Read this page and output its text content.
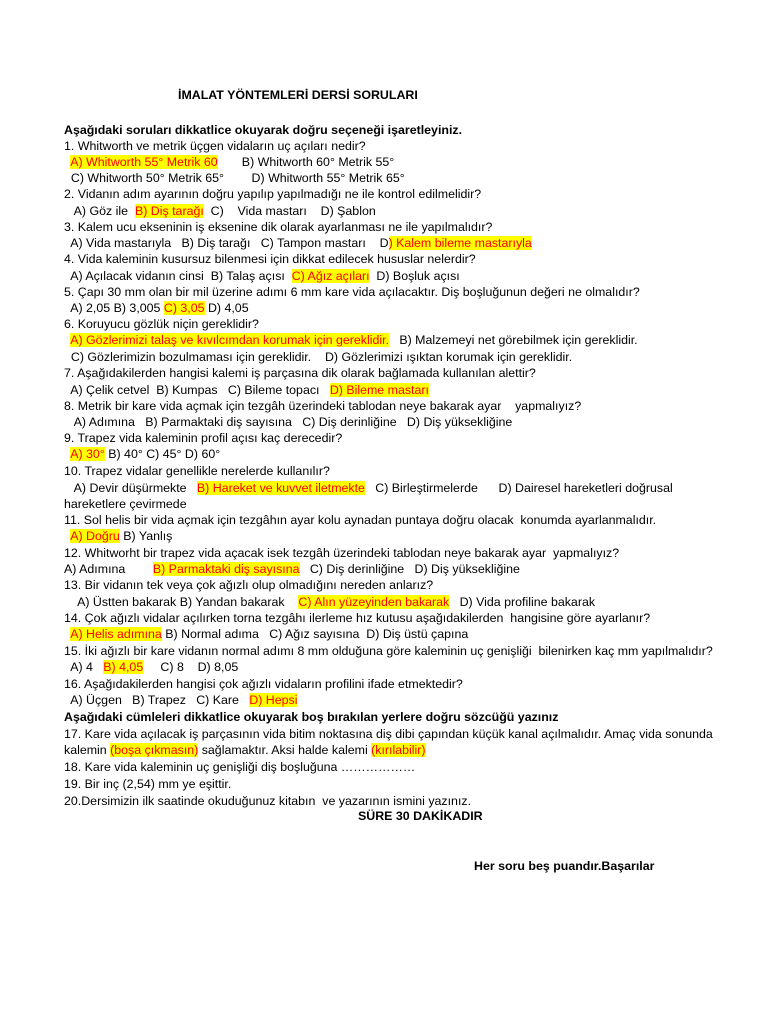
İMALAT YÖNTEMLERİ DERSİ SORULARI
Aşağıdaki soruları dikkatlice okuyarak doğru seçeneği işaretleyiniz.
1. Whitworth ve metrik üçgen vidaların uç açıları nedir?
A) Whitworth 55° Metrik 60       B) Whitworth 60° Metrik 55°
C) Whitworth 50° Metrik 65°        D) Whitworth 55° Metrik 65°
2. Vidanın adım ayarının doğru yapılıp yapılmadığı ne ile kontrol edilmelidir?
A) Göz ile  B) Diş tarağı  C)    Vida mastarı    D) Şablon
3. Kalem ucu ekseninin iş eksenine dik olarak ayarlanması ne ile yapılmalıdır?
A) Vida mastarıyla   B) Diş tarağı   C) Tampon mastarı    D) Kalem bileme mastarıyla
4. Vida kaleminin kusursuz bilenmesi için dikkat edilecek hususlar nelerdir?
A) Açılacak vidanın cinsi  B) Talaş açısı  C) Ağız açıları  D) Boşluk açısı
5. Çapı 30 mm olan bir mil üzerine adımı 6 mm kare vida açılacaktır. Diş boşluğunun değeri ne olmalıdır?
A) 2,05 B) 3,005 C) 3,05 D) 4,05
6. Koruyucu gözlük niçin gereklidir?
A) Gözlerimizi talaş ve kıvılcımdan korumak için gereklidir.   B) Malzemeyi net görebilmek için gereklidir.
C) Gözlerimizin bozulmaması için gereklidir.    D) Gözlerimizi ışıktan korumak için gereklidir.
7. Aşağıdakilerden hangisi kalemi iş parçasına dik olarak bağlamada kullanılan alettir?
A) Çelik cetvel  B) Kumpas   C) Bileme topacı   D) Bileme mastarı
8. Metrik bir kare vida açmak için tezgâh üzerindeki tablodan neye bakarak ayar    yapmalıyız?
A) Adımına   B) Parmaktaki diş sayısına   C) Diş derinliğine   D) Diş yüksekliğine
9. Trapez vida kaleminin profil açısı kaç derecedir?
A) 30° B) 40° C) 45° D) 60°
10. Trapez vidalar genellikle nerelerde kullanılır?
A) Devir düşürmekte   B) Hareket ve kuvvet iletmekte   C) Birleştirmelerde      D) Dairesel hareketleri doğrusal
hareketlere çevirmede
11. Sol helis bir vida açmak için tezgâhın ayar kolu aynadan puntaya doğru olacak  konumda ayarlanmalıdır.
A) Doğru B) Yanlış
12. Whitworht bir trapez vida açacak isek tezgâh üzerindeki tablodan neye bakarak ayar  yapmalıyız?
A) Adımına        B) Parmaktaki diş sayısına   C) Diş derinliğine   D) Diş yüksekliğine
13. Bir vidanın tek veya çok ağızlı olup olmadığını nereden anlarız?
A) Üstten bakarak B) Yandan bakarak    C) Alın yüzeyinden bakarak   D) Vida profiline bakarak
14. Çok ağızlı vidalar açılırken torna tezgâhı ilerleme hız kutusu aşağıdakilerden  hangisine göre ayarlanır?
A) Helis adımına B) Normal adıma   C) Ağız sayısına  D) Diş üstü çapına
15. İki ağızlı bir kare vidanın normal adımı 8 mm olduğuna göre kaleminin uç genişliği  bilenirken kaç mm yapılmalıdır?
A) 4   B) 4,05     C) 8    D) 8,05
16. Aşağıdakilerden hangisi çok ağızlı vidaların profilini ifade etmektedir?
A) Üçgen   B) Trapez   C) Kare   D) Hepsi
Aşağıdaki cümleleri dikkatlice okuyarak boş bırakılan yerlere doğru sözcüğü yazınız
17. Kare vida açılacak iş parçasının vida bitim noktasına diş dibi çapından küçük kanal açılmalıdır. Amaç vida sonunda
kalemin (boşa çıkmasın) sağlamaktır. Aksi halde kalemi (kırılabilir)
18. Kare vida kaleminin uç genişliği diş boşluğuna ………………
19. Bir inç (2,54) mm ye eşittir.
20.Dersimizin ilk saatinde okuduğunuz kitabın  ve yazarının ismini yazınız.
SÜRE 30 DAKİKADIR
Her soru beş puandır.Başarılar
